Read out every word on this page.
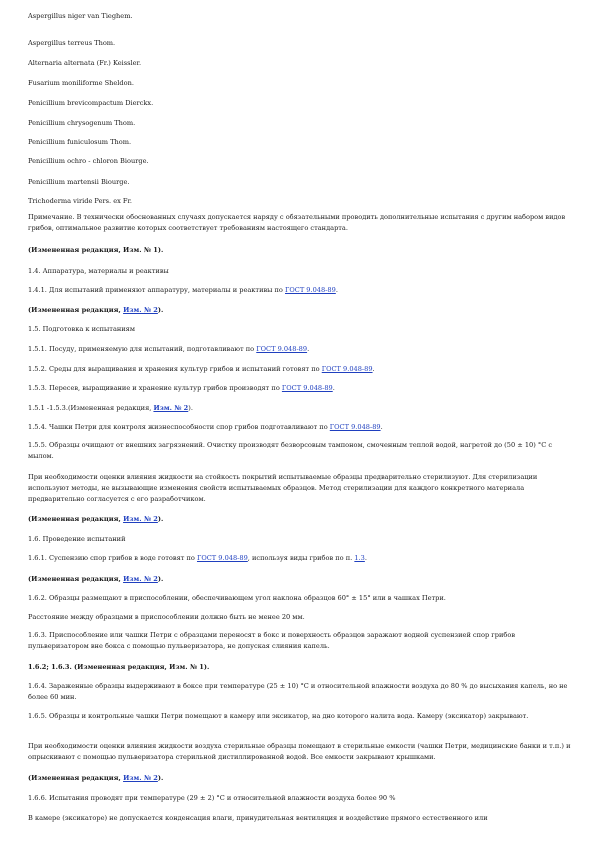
Aspergillus niger van Tieghem.
Aspergillus terreus Thom.
Alternaria alternata (Fr.) Keissler.
Fusarium moniliforme Sheldon.
Penicillium brevicompactum Dierckx.
Penicillium chrysogenum Thom.
Penicillium funiculosum Thom.
Penicillium ochro - chloron Biourge.
Penicillium martensii Biourge.
Trichoderma viride Pers. ex Fr.
Примечание. В технически обоснованных случаях допускается наряду с обязательными проводить дополнительные испытания с другим набором видов грибов, оптимальное развитие которых соответствует требованиям настоящего стандарта.
(Измененная редакция, Изм. № 1).
1.4. Аппаратура, материалы и реактивы
1.4.1. Для испытаний применяют аппаратуру, материалы и реактивы по ГОСТ 9.048-89.
(Измененная редакция, Изм. № 2).
1.5. Подготовка к испытаниям
1.5.1. Посуду, применяемую для испытаний, подготавливают по ГОСТ 9.048-89.
1.5.2. Среды для выращивания и хранения культур грибов и испытаний готовят по ГОСТ 9.048-89.
1.5.3. Пересев, выращивание и хранение культур грибов производят по ГОСТ 9.048-89.
1.5.1 -1.5.3.(Измененная редакция, Изм. № 2).
1.5.4. Чашки Петри для контроля жизнеспособности спор грибов подготавливают по ГОСТ 9.048-89.
1.5.5. Образцы очищают от внешних загрязнений. Очистку производят безворсовым тампоном, смоченным теплой водой, нагретой до (50 ± 10) °С с мылом.
При необходимости оценки влияния жидкости на стойкость покрытий испытываемые образцы предварительно стерилизуют. Для стерилизации используют методы, не вызывающие изменения свойств испытываемых образцов. Метод стерилизации для каждого конкретного материала предварительно согласуется с его разработчиком.
(Измененная редакция, Изм. № 2).
1.6. Проведение испытаний
1.6.1. Суспензию спор грибов в воде готовят по ГОСТ 9.048-89, используя виды грибов по п. 1.3.
(Измененная редакция, Изм. № 2).
1.6.2. Образцы размещают в приспособлении, обеспечивающем угол наклона образцов 60° ± 15° или в чашках Петри.
Расстояние между образцами в приспособлении должно быть не менее 20 мм.
1.6.3. Приспособление или чашки Петри с образцами переносят в бокс и поверхность образцов заражают водной суспензией спор грибов пульверизатором вне бокса с помощью пульверизатора, не допуская слияния капель.
1.6.2; 1.6.3. (Измененная редакция, Изм. № 1).
1.6.4. Зараженные образцы выдерживают в боксе при температуре (25 ± 10) °С и относительной влажности воздуха до 80 % до высыхания капель, но не более 60 мин.
1.6.5. Образцы и контрольные чашки Петри помещают в камеру или эксикатор, на дно которого налита вода. Камеру (эксикатор) закрывают.
При необходимости оценки влияния жидкости воздуха стерильные образцы помещают в стерильные емкости (чашки Петри, медицинские банки и т.п.) и опрыскивают с помощью пульверизатора стерильной дистиллированной водой. Все емкости закрывают крышками.
(Измененная редакция, Изм. № 2).
1.6.6. Испытания проводят при температуре (29 ± 2) °С и относительной влажности воздуха более 90 %
В камере (эксикаторе) не допускается конденсация влаги, принудительная вентиляция и воздействие прямого естественного или
